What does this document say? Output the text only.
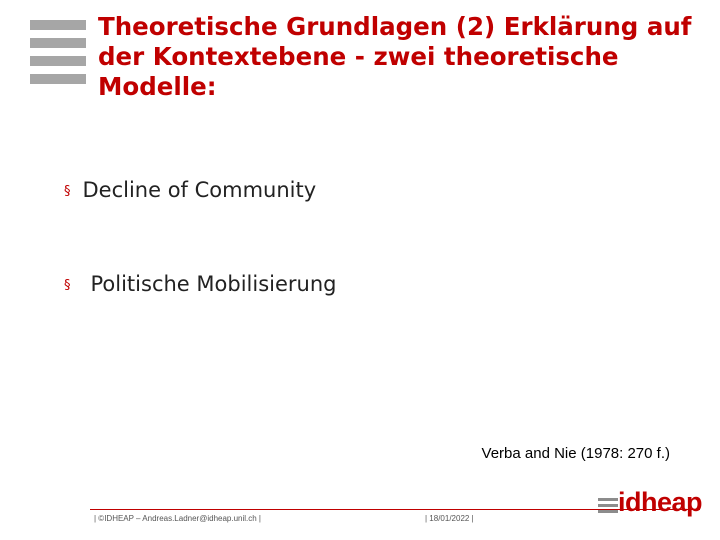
Theoretische Grundlagen (2) Erklärung auf der Kontextebene - zwei theoretische Modelle:
§ Decline of Community
§ Politische Mobilisierung
Verba and Nie (1978: 270 f.)
| ©IDHEAP – Andreas.Ladner@idheap.unil.ch |	| 18/01/2022 |
idheap
